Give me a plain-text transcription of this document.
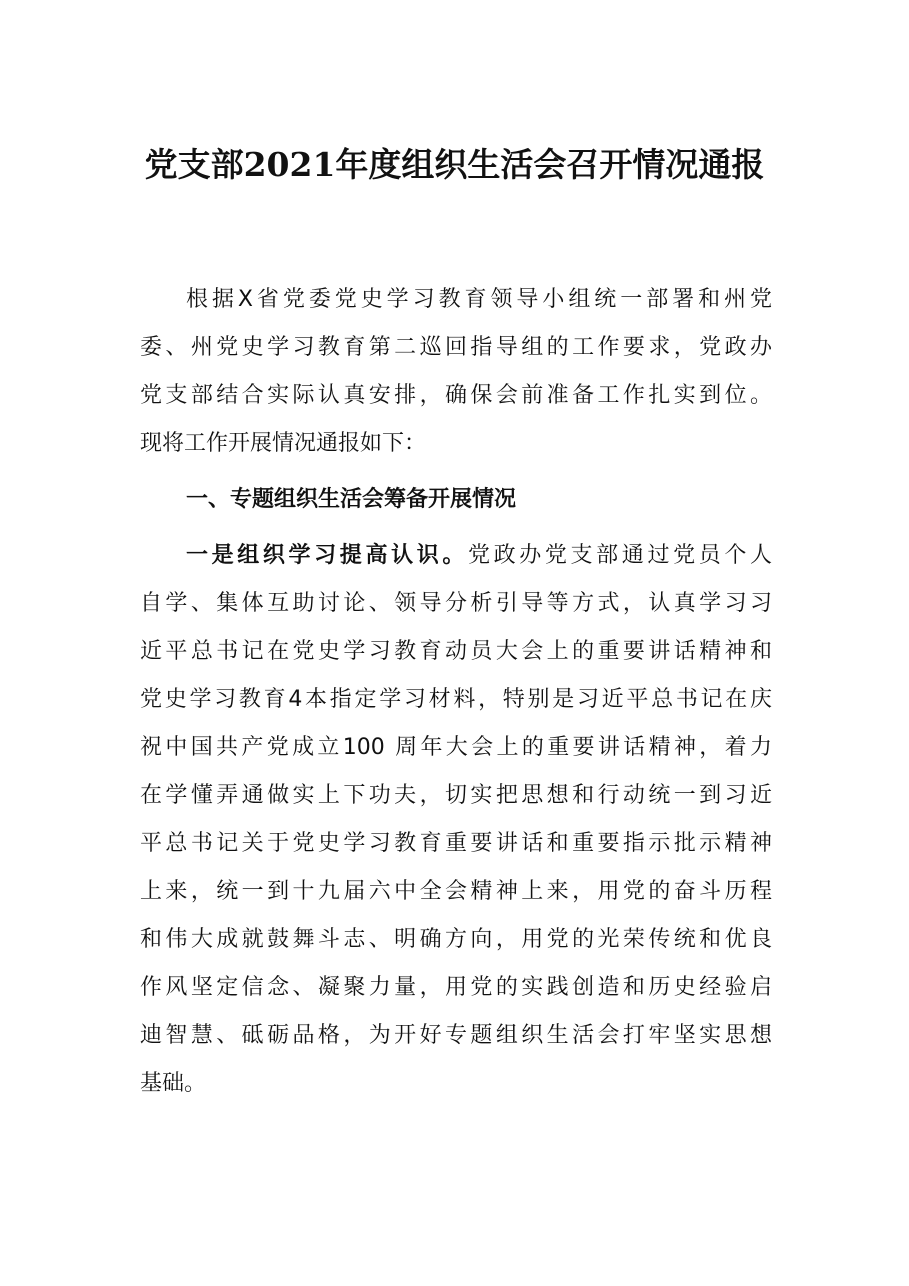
党支部2021年度组织生活会召开情况通报
根据X省党委党史学习教育领导小组统一部署和州党
委、州党史学习教育第二巡回指导组的工作要求，党政办
党支部结合实际认真安排，确保会前准备工作扎实到位。
现将工作开展情况通报如下：
一、专题组织生活会筹备开展情况
一是组织学习提高认识。党政办党支部通过党员个人
自学、集体互助讨论、领导分析引导等方式，认真学习习
近平总书记在党史学习教育动员大会上的重要讲话精神和
党史学习教育4本指定学习材料，特别是习近平总书记在庆
祝中国共产党成立100 周年大会上的重要讲话精神，着力
在学懂弄通做实上下功夫，切实把思想和行动统一到习近
平总书记关于党史学习教育重要讲话和重要指示批示精神
上来，统一到十九届六中全会精神上来，用党的奋斗历程
和伟大成就鼓舞斗志、明确方向，用党的光荣传统和优良
作风坚定信念、凝聚力量，用党的实践创造和历史经验启
迪智慧、砥砺品格，为开好专题组织生活会打牢坚实思想
基础。
